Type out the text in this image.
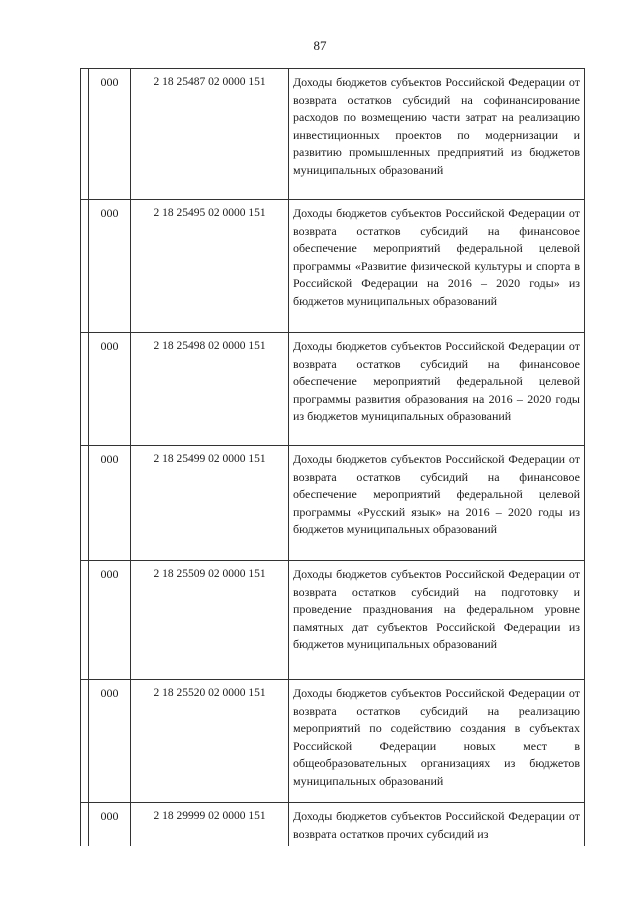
87
	000	2 18 25487 02 0000 151	Доходы бюджетов субъектов Российской Федерации от возврата остатков субсидий на софинансирование расходов по возмещению части затрат на реализацию инвестиционных проектов по модернизации и развитию промышленных предприятий из бюджетов муниципальных образований
	000	2 18 25495 02 0000 151	Доходы бюджетов субъектов Российской Федерации от возврата остатков субсидий на финансовое обеспечение мероприятий федеральной целевой программы «Развитие физической культуры и спорта в Российской Федерации на 2016 – 2020 годы» из бюджетов муниципальных образований
	000	2 18 25498 02 0000 151	Доходы бюджетов субъектов Российской Федерации от возврата остатков субсидий на финансовое обеспечение мероприятий федеральной целевой программы развития образования на 2016 – 2020 годы из бюджетов муниципальных образований
	000	2 18 25499 02 0000 151	Доходы бюджетов субъектов Российской Федерации от возврата остатков субсидий на финансовое обеспечение мероприятий федеральной целевой программы «Русский язык» на 2016 – 2020 годы из бюджетов муниципальных образований
	000	2 18 25509 02 0000 151	Доходы бюджетов субъектов Российской Федерации от возврата остатков субсидий на подготовку и проведение празднования на федеральном уровне памятных дат субъектов Российской Федерации из бюджетов муниципальных образований
	000	2 18 25520 02 0000 151	Доходы бюджетов субъектов Российской Федерации от возврата остатков субсидий на реализацию мероприятий по содействию создания в субъектах Российской Федерации новых мест в общеобразовательных организациях из бюджетов муниципальных образований
	000	2 18 29999 02 0000 151	Доходы бюджетов субъектов Российской Федерации от возврата остатков прочих субсидий из
